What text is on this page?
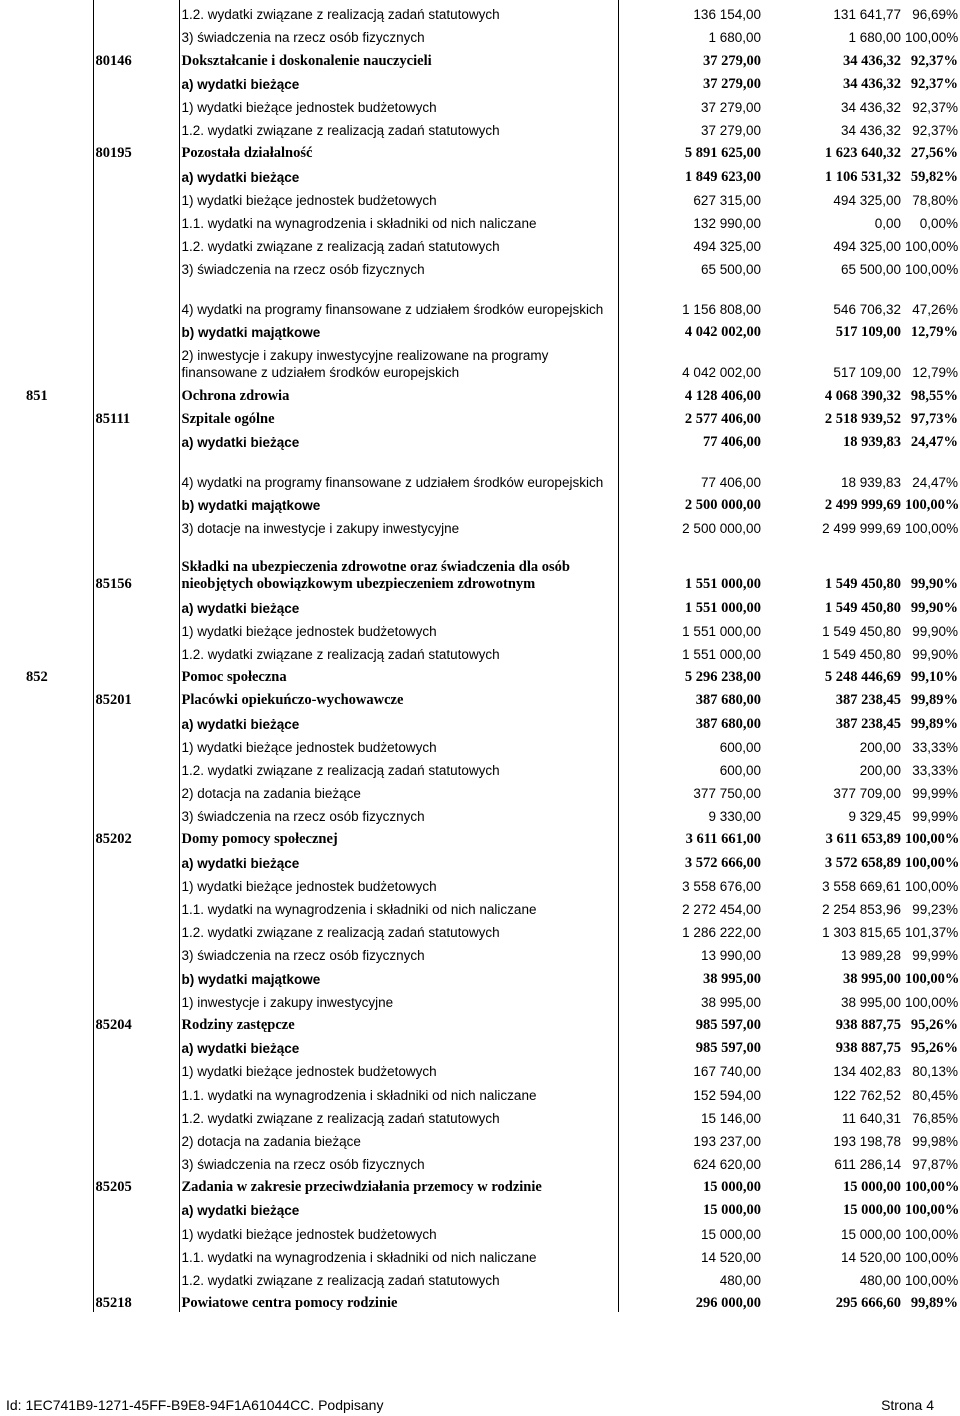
		1.2. wydatki związane z realizacją zadań statutowych	136 154,00	131 641,77	96,69%
		3) świadczenia na rzecz osób fizycznych	1 680,00	1 680,00	100,00%
	80146	Dokształcanie i doskonalenie nauczycieli	37 279,00	34 436,32	92,37%
		a) wydatki bieżące	37 279,00	34 436,32	92,37%
		1) wydatki bieżące jednostek budżetowych	37 279,00	34 436,32	92,37%
		1.2. wydatki związane z realizacją zadań statutowych	37 279,00	34 436,32	92,37%
	80195	Pozostała działalność	5 891 625,00	1 623 640,32	27,56%
		a) wydatki bieżące	1 849 623,00	1 106 531,32	59,82%
		1) wydatki bieżące jednostek budżetowych	627 315,00	494 325,00	78,80%
		1.1. wydatki na wynagrodzenia i składniki od nich naliczane	132 990,00	0,00	0,00%
		1.2. wydatki związane z realizacją zadań statutowych	494 325,00	494 325,00	100,00%
		3) świadczenia na rzecz osób fizycznych	65 500,00	65 500,00	100,00%
		4) wydatki na programy finansowane z udziałem środków europejskich	1 156 808,00	546 706,32	47,26%
		b) wydatki majątkowe	4 042 002,00	517 109,00	12,79%
		2) inwestycje i zakupy inwestycyjne realizowane na programy finansowane z udziałem środków europejskich	4 042 002,00	517 109,00	12,79%
851		Ochrona zdrowia	4 128 406,00	4 068 390,32	98,55%
	85111	Szpitale ogólne	2 577 406,00	2 518 939,52	97,73%
		a) wydatki bieżące	77 406,00	18 939,83	24,47%
		4) wydatki na programy finansowane z udziałem środków europejskich	77 406,00	18 939,83	24,47%
		b) wydatki majątkowe	2 500 000,00	2 499 999,69	100,00%
		3) dotacje na inwestycje i zakupy inwestycyjne	2 500 000,00	2 499 999,69	100,00%
	85156	Składki na ubezpieczenia zdrowotne oraz świadczenia dla osób nieobjętych obowiązkowym ubezpieczeniem zdrowotnym	1 551 000,00	1 549 450,80	99,90%
		a) wydatki bieżące	1 551 000,00	1 549 450,80	99,90%
		1) wydatki bieżące jednostek budżetowych	1 551 000,00	1 549 450,80	99,90%
		1.2. wydatki związane z realizacją zadań statutowych	1 551 000,00	1 549 450,80	99,90%
852		Pomoc społeczna	5 296 238,00	5 248 446,69	99,10%
	85201	Placówki opiekuńczo-wychowawcze	387 680,00	387 238,45	99,89%
		a) wydatki bieżące	387 680,00	387 238,45	99,89%
		1) wydatki bieżące jednostek budżetowych	600,00	200,00	33,33%
		1.2. wydatki związane z realizacją zadań statutowych	600,00	200,00	33,33%
		2) dotacja na zadania bieżące	377 750,00	377 709,00	99,99%
		3) świadczenia na rzecz osób fizycznych	9 330,00	9 329,45	99,99%
	85202	Domy pomocy społecznej	3 611 661,00	3 611 653,89	100,00%
		a) wydatki bieżące	3 572 666,00	3 572 658,89	100,00%
		1) wydatki bieżące jednostek budżetowych	3 558 676,00	3 558 669,61	100,00%
		1.1. wydatki na wynagrodzenia i składniki od nich naliczane	2 272 454,00	2 254 853,96	99,23%
		1.2. wydatki związane z realizacją zadań statutowych	1 286 222,00	1 303 815,65	101,37%
		3) świadczenia na rzecz osób fizycznych	13 990,00	13 989,28	99,99%
		b) wydatki majątkowe	38 995,00	38 995,00	100,00%
		1) inwestycje i zakupy inwestycyjne	38 995,00	38 995,00	100,00%
	85204	Rodziny zastępcze	985 597,00	938 887,75	95,26%
		a) wydatki bieżące	985 597,00	938 887,75	95,26%
		1) wydatki bieżące jednostek budżetowych	167 740,00	134 402,83	80,13%
		1.1. wydatki na wynagrodzenia i składniki od nich naliczane	152 594,00	122 762,52	80,45%
		1.2. wydatki związane z realizacją zadań statutowych	15 146,00	11 640,31	76,85%
		2) dotacja na zadania bieżące	193 237,00	193 198,78	99,98%
		3) świadczenia na rzecz osób fizycznych	624 620,00	611 286,14	97,87%
	85205	Zadania w zakresie przeciwdziałania przemocy w rodzinie	15 000,00	15 000,00	100,00%
		a) wydatki bieżące	15 000,00	15 000,00	100,00%
		1) wydatki bieżące jednostek budżetowych	15 000,00	15 000,00	100,00%
		1.1. wydatki na wynagrodzenia i składniki od nich naliczane	14 520,00	14 520,00	100,00%
		1.2. wydatki związane z realizacją zadań statutowych	480,00	480,00	100,00%
	85218	Powiatowe centra pomocy rodzinie	296 000,00	295 666,60	99,89%
Id: 1EC741B9-1271-45FF-B9E8-94F1A61044CC. Podpisany	Strona 4
